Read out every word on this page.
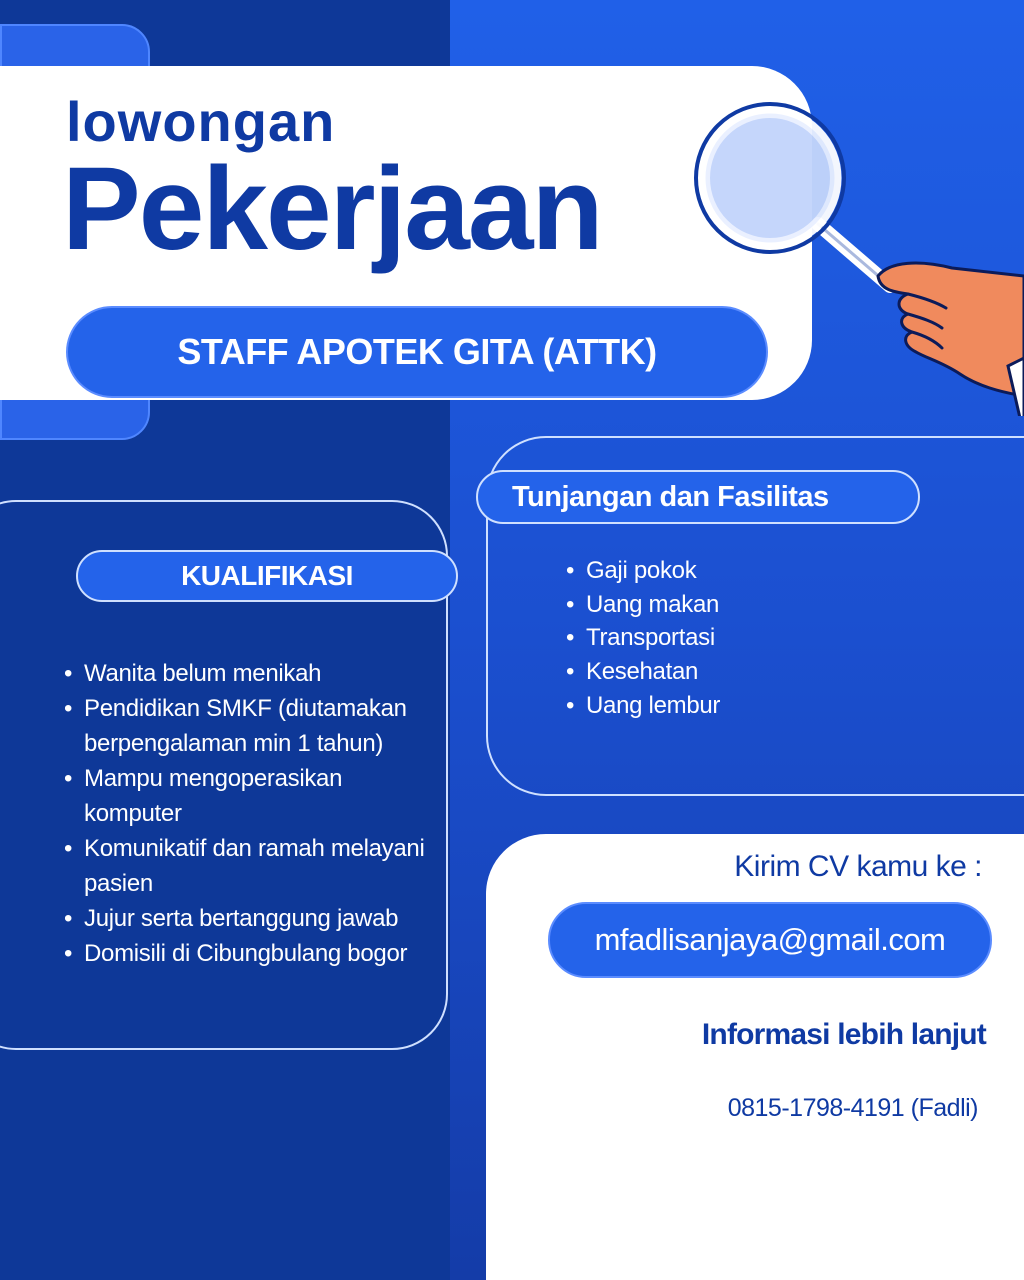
lowongan
Pekerjaan
STAFF APOTEK GITA (ATTK)
KUALIFIKASI
• Wanita belum menikah
• Pendidikan SMKF (diutamakan berpengalaman min 1 tahun)
• Mampu mengoperasikan komputer
• Komunikatif dan ramah melayani pasien
• Jujur serta bertanggung jawab
• Domisili di Cibungbulang bogor
Tunjangan dan Fasilitas
• Gaji pokok
• Uang makan
• Transportasi
• Kesehatan
• Uang lembur
Kirim CV kamu ke :
mfadlisanjaya@gmail.com
Informasi lebih lanjut
0815-1798-4191 (Fadli)
